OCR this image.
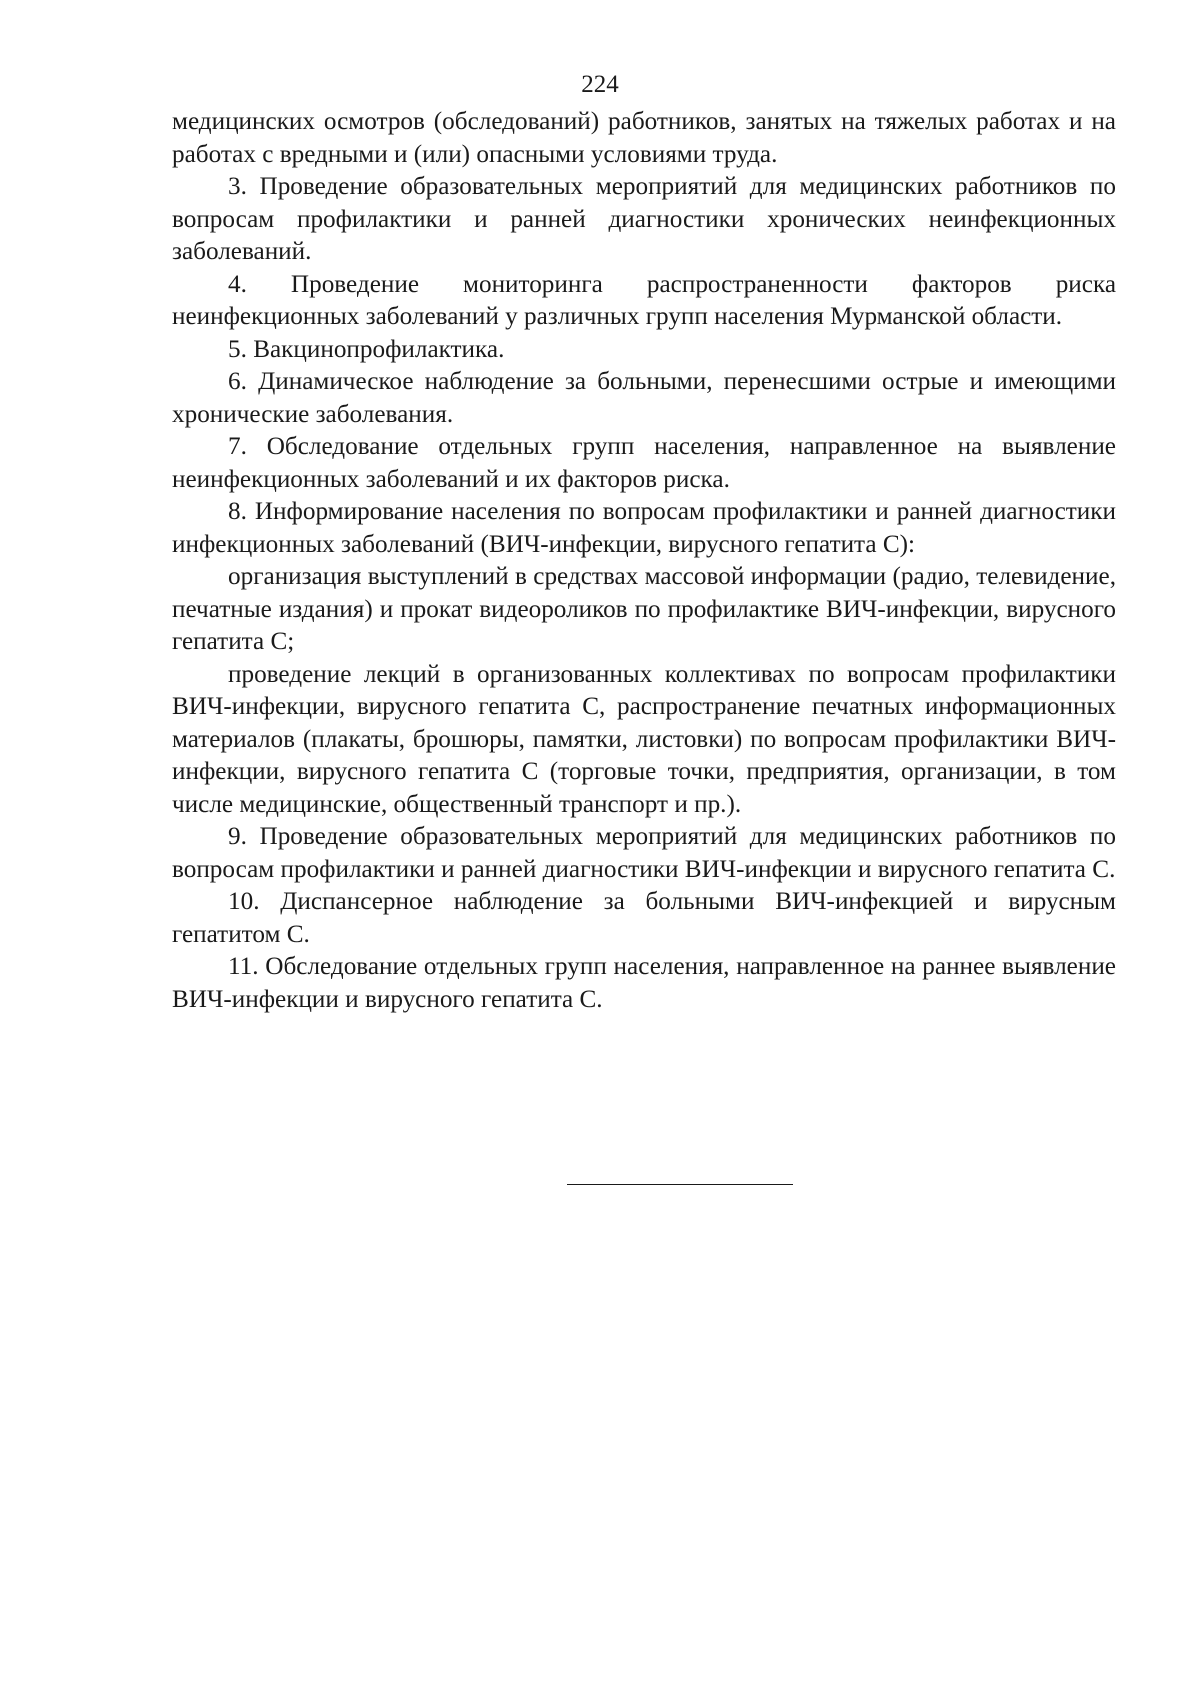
224

медицинских осмотров (обследований) работников, занятых на тяжелых работах и на работах с вредными и (или) опасными условиями труда.

3. Проведение образовательных мероприятий для медицинских работников по вопросам профилактики и ранней диагностики хронических неинфекционных заболеваний.

4. Проведение мониторинга распространенности факторов риска неинфекционных заболеваний у различных групп населения Мурманской области.

5. Вакцинопрофилактика.

6. Динамическое наблюдение за больными, перенесшими острые и имеющими хронические заболевания.

7. Обследование отдельных групп населения, направленное на выявление неинфекционных заболеваний и их факторов риска.

8. Информирование населения по вопросам профилактики и ранней диагностики инфекционных заболеваний (ВИЧ-инфекции, вирусного гепатита С):

организация выступлений в средствах массовой информации (радио, телевидение, печатные издания) и прокат видеороликов по профилактике ВИЧ-инфекции, вирусного гепатита С;

проведение лекций в организованных коллективах по вопросам профилактики ВИЧ-инфекции, вирусного гепатита С, распространение печатных информационных материалов (плакаты, брошюры, памятки, листовки) по вопросам профилактики ВИЧ-инфекции, вирусного гепатита С (торговые точки, предприятия, организации, в том числе медицинские, общественный транспорт и пр.).

9. Проведение образовательных мероприятий для медицинских работников по вопросам профилактики и ранней диагностики ВИЧ-инфекции и вирусного гепатита С.

10. Диспансерное наблюдение за больными ВИЧ-инфекцией и вирусным гепатитом С.

11. Обследование отдельных групп населения, направленное на раннее выявление ВИЧ-инфекции и вирусного гепатита С.
